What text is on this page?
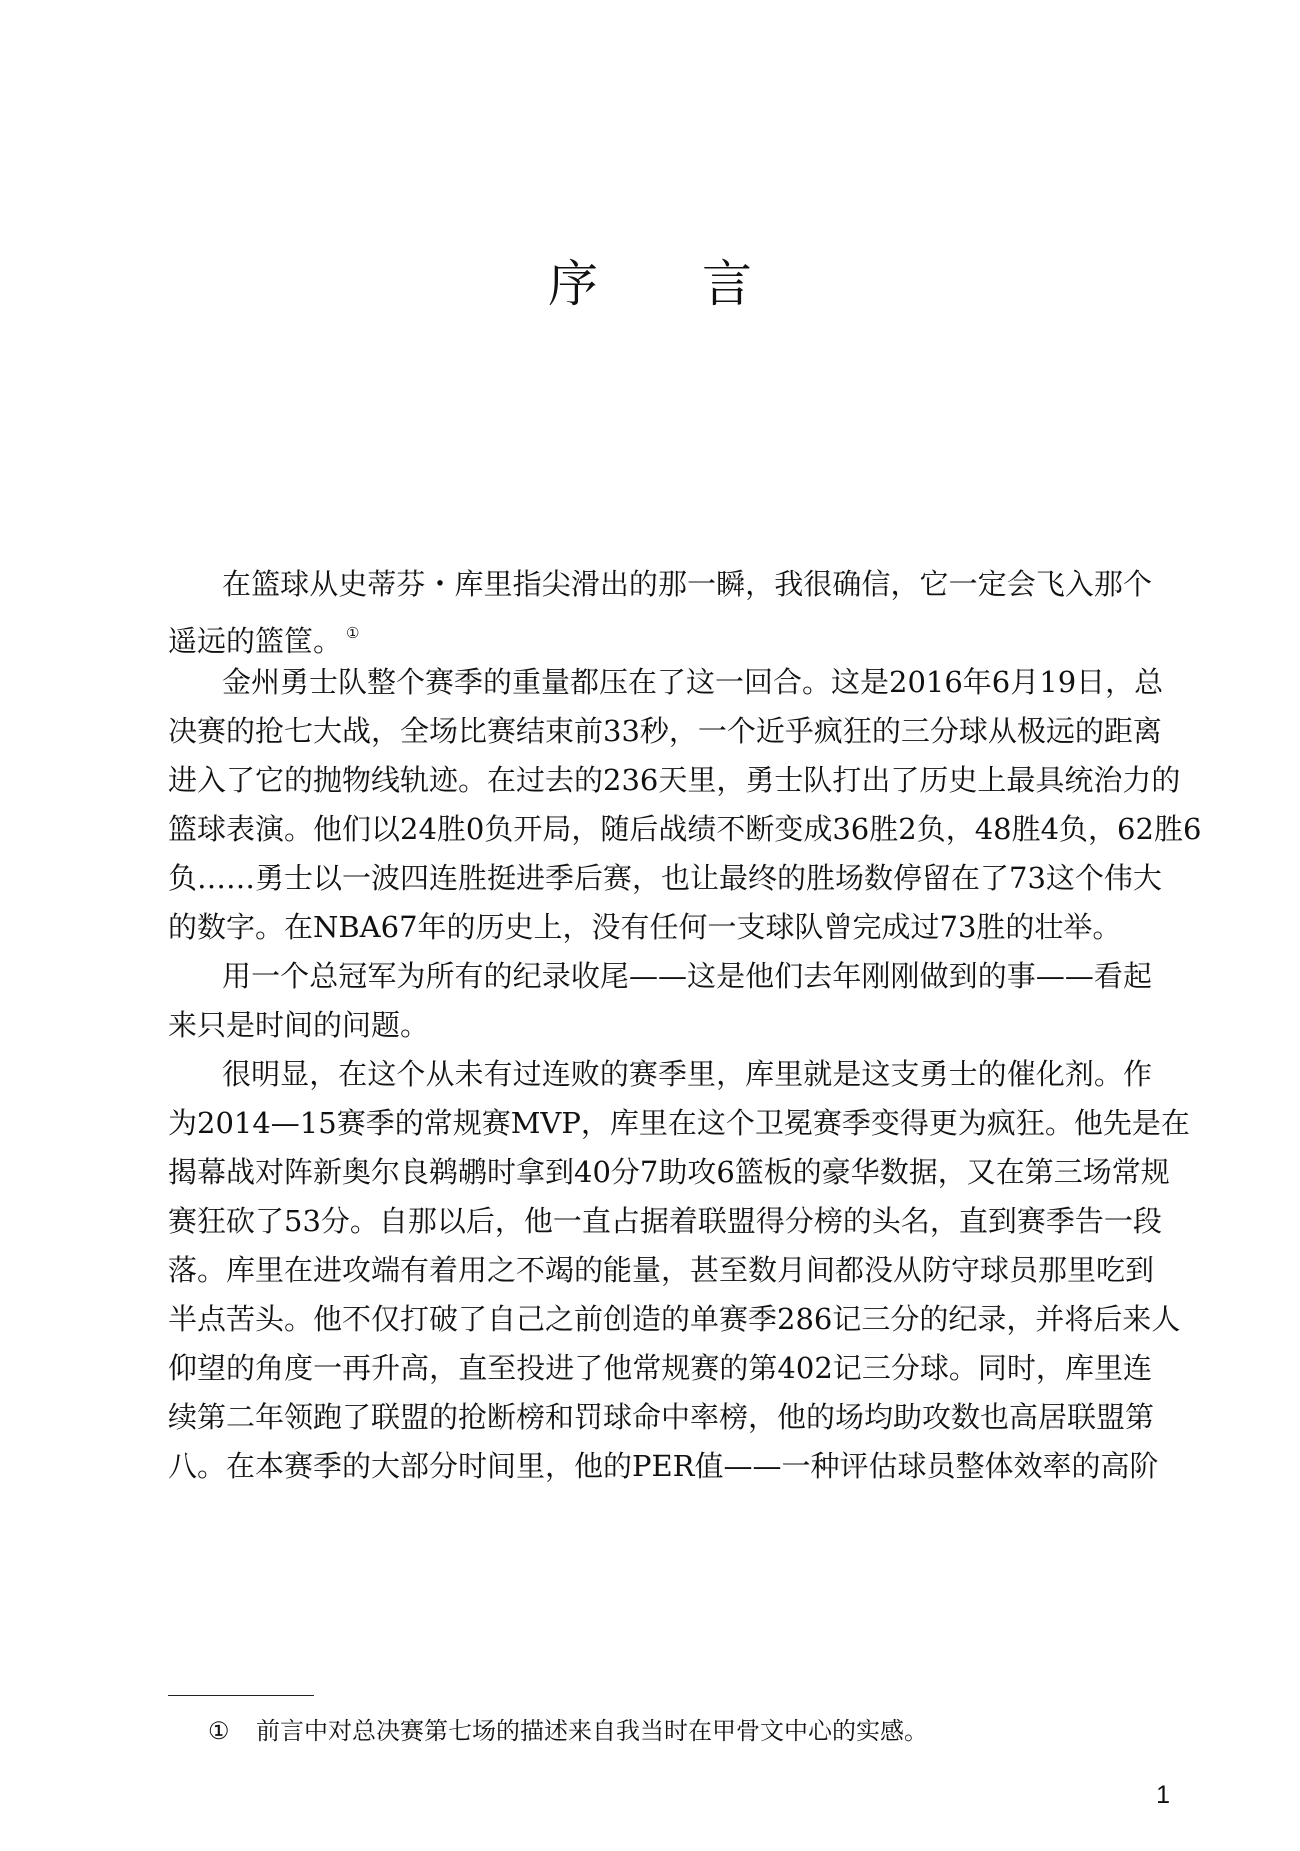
序 言
在篮球从史蒂芬・库里指尖滑出的那一瞬，我很确信，它一定会飞入那个
遥远的篮筐。 ①
金州勇士队整个赛季的重量都压在了这一回合。这是2016年6月19日，总
决赛的抢七大战，全场比赛结束前33秒，一个近乎疯狂的三分球从极远的距离
进入了它的抛物线轨迹。在过去的236天里，勇士队打出了历史上最具统治力的
篮球表演。他们以24胜0负开局，随后战绩不断变成36胜2负，48胜4负，62胜6
负……勇士以一波四连胜挺进季后赛，也让最终的胜场数停留在了73这个伟大
的数字。在NBA67年的历史上，没有任何一支球队曾完成过73胜的壮举。
用一个总冠军为所有的纪录收尾——这是他们去年刚刚做到的事——看起
来只是时间的问题。
很明显，在这个从未有过连败的赛季里，库里就是这支勇士的催化剂。作
为2014—15赛季的常规赛MVP，库里在这个卫冕赛季变得更为疯狂。他先是在
揭幕战对阵新奥尔良鹈鹕时拿到40分7助攻6篮板的豪华数据，又在第三场常规
赛狂砍了53分。自那以后，他一直占据着联盟得分榜的头名，直到赛季告一段
落。库里在进攻端有着用之不竭的能量，甚至数月间都没从防守球员那里吃到
半点苦头。他不仅打破了自己之前创造的单赛季286记三分的纪录，并将后来人
仰望的角度一再升高，直至投进了他常规赛的第402记三分球。同时，库里连
续第二年领跑了联盟的抢断榜和罚球命中率榜，他的场均助攻数也高居联盟第
八。在本赛季的大部分时间里，他的PER值——一种评估球员整体效率的高阶
① 前言中对总决赛第七场的描述来自我当时在甲骨文中心的实感。
1
